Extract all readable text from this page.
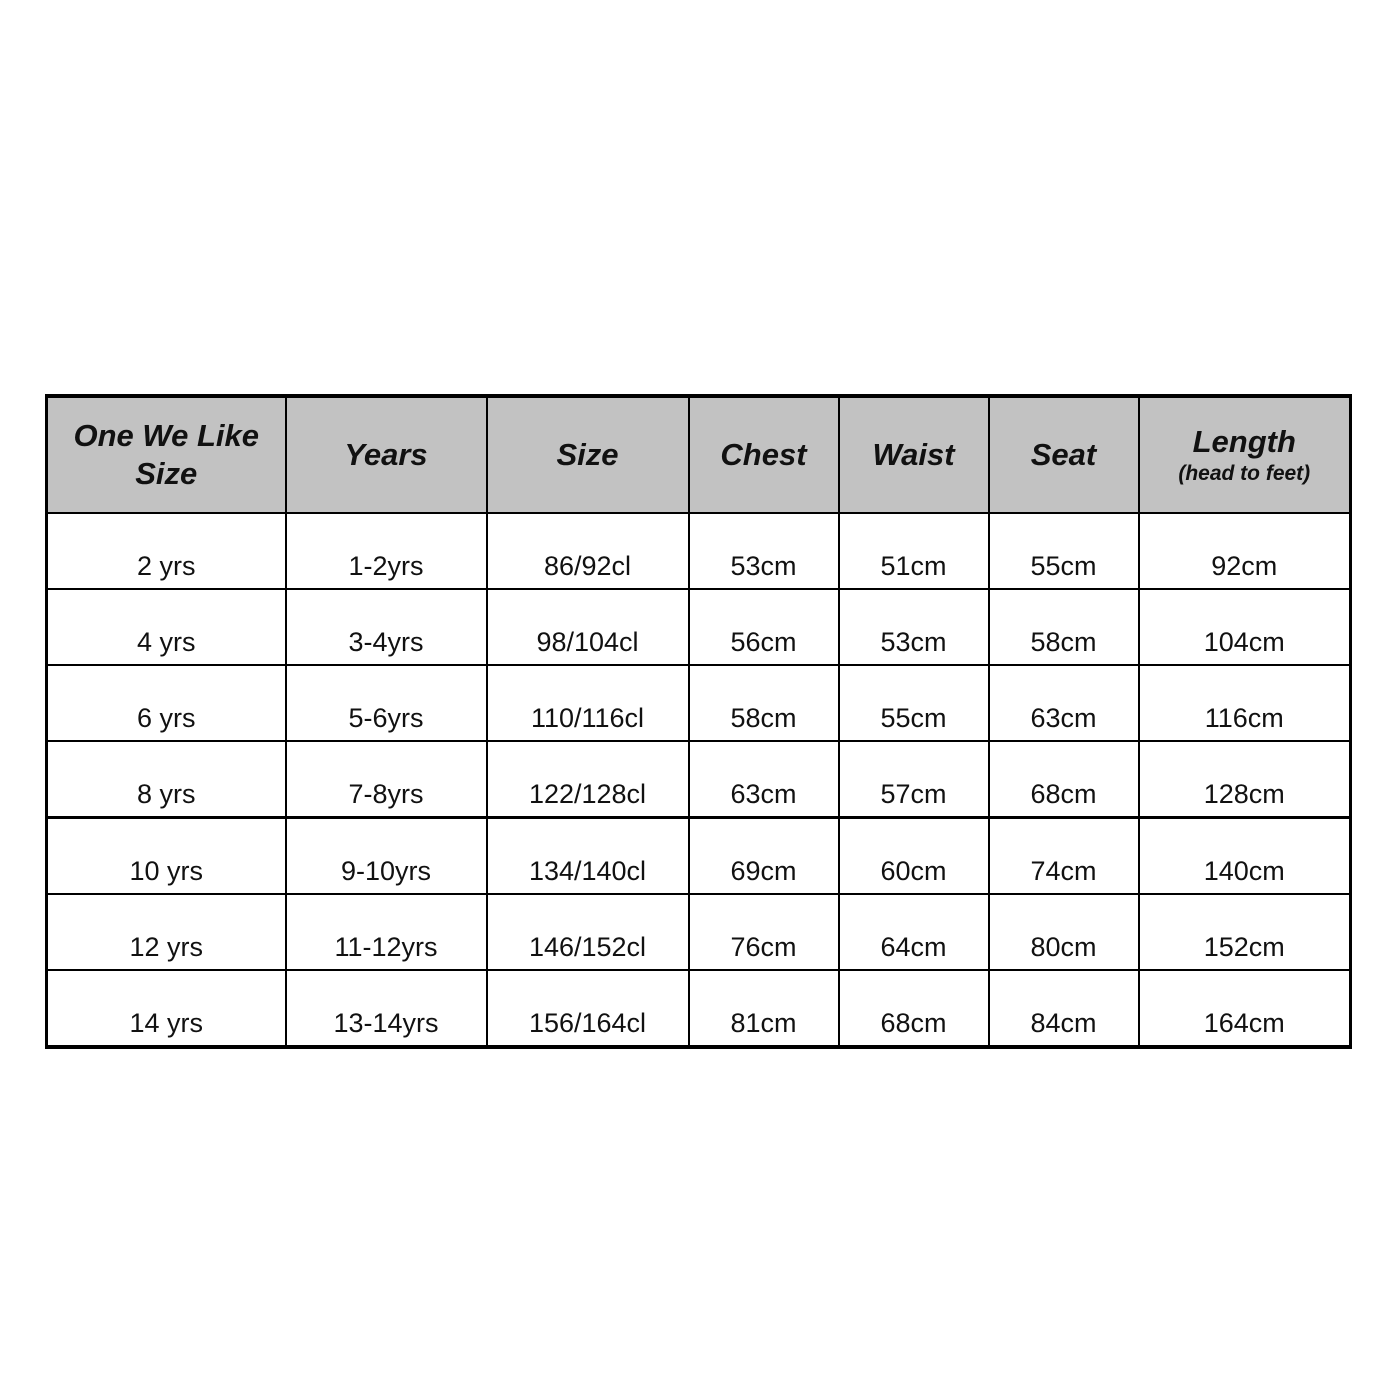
One We Like Size	Years	Size	Chest	Waist	Seat	Length
(head to feet)

2 yrs	1-2yrs	86/92cl	53cm	51cm	55cm	92cm
4 yrs	3-4yrs	98/104cl	56cm	53cm	58cm	104cm
6 yrs	5-6yrs	110/116cl	58cm	55cm	63cm	116cm
8 yrs	7-8yrs	122/128cl	63cm	57cm	68cm	128cm
10 yrs	9-10yrs	134/140cl	69cm	60cm	74cm	140cm
12 yrs	11-12yrs	146/152cl	76cm	64cm	80cm	152cm
14 yrs	13-14yrs	156/164cl	81cm	68cm	84cm	164cm
